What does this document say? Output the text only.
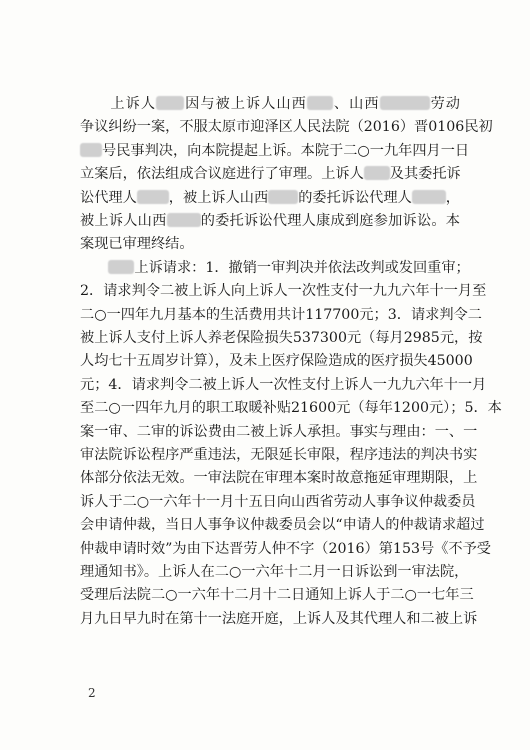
　　上诉人 因与被上诉人山西 、山西	劳动
争议纠纷一案，不服太原市迎泽区人民法院（2016）晋0106民初
号民事判决，向本院提起上诉。本院于二○一九年四月一日
立案后，依法组成合议庭进行了审理。上诉人 及其委托诉
讼代理人 ，被上诉人山西 的委托诉讼代理人 ，
被上诉人山西 的委托诉讼代理人康成到庭参加诉讼。本
案现已审理终结。
　　上诉请求：1．撤销一审判决并依法改判或发回重审；
2．请求判令二被上诉人向上诉人一次性支付一九九六年十一月至
二○一四年九月基本的生活费用共计117700元；3．请求判令二
被上诉人支付上诉人养老保险损失537300元（每月2985元，按
人均七十五周岁计算），及未上医疗保险造成的医疗损失45000
元；4．请求判令二被上诉人一次性支付上诉人一九九六年十一月
至二○一四年九月的职工取暖补贴21600元（每年1200元）；5．本
案一审、二审的诉讼费由二被上诉人承担。事实与理由：一、一
审法院诉讼程序严重违法，无限延长审限，程序违法的判决书实
体部分依法无效。一审法院在审理本案时故意拖延审理期限，上
诉人于二○一六年十一月十五日向山西省劳动人事争议仲裁委员
会申请仲裁，当日人事争议仲裁委员会以“申请人的仲裁请求超过
仲裁申请时效”为由下达晋劳人仲不字（2016）第153号《不予受
理通知书》。上诉人在二○一六年十二月一日诉讼到一审法院，
受理后法院二○一六年十二月十二日通知上诉人于二○一七年三
月九日早九时在第十一法庭开庭，上诉人及其代理人和二被上诉
2
